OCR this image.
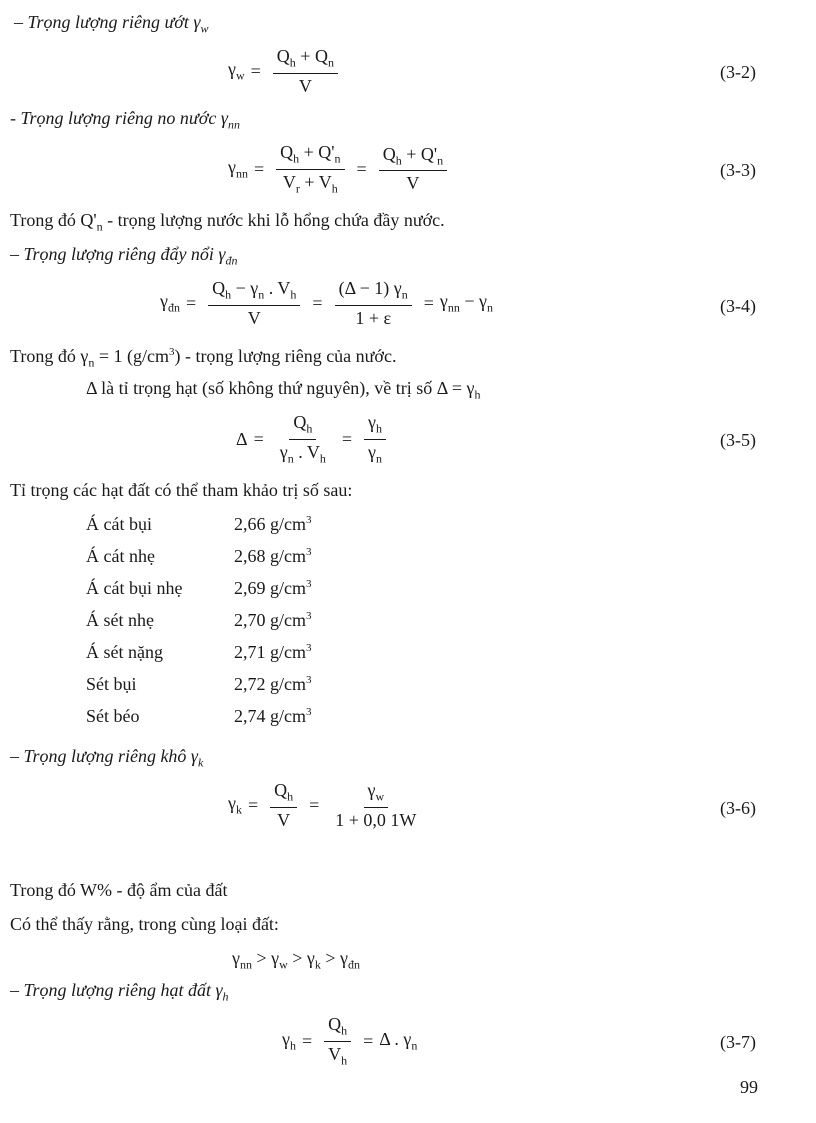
– Trọng lượng riêng ướt $\gamma_w$
$\gamma_w = \frac{Q_h + Q_n}{V}$	(3-2)
- Trọng lượng riêng no nước $\gamma_{nn}$
$\gamma_{nn} = \frac{Q_h + Q'_n}{V_r + V_h} = \frac{Q_h + Q'_n}{V}$	(3-3)
Trong đó $Q'_n$ - trọng lượng nước khi lỗ hổng chứa đầy nước.
– Trọng lượng riêng đẩy nổi $\gamma_{đn}$
$\gamma_{đn} = \frac{Q_h - \gamma_n . V_h}{V} = \frac{(\Delta - 1) \gamma_n}{1 + \varepsilon} = \gamma_{nn} - \gamma_n$	(3-4)
Trong đó $\gamma_n = 1$ $(g/cm^3)$ - trọng lượng riêng của nước.
Δ là tỉ trọng hạt (số không thứ nguyên), về trị số $\Delta = \gamma_h$
$\Delta = \frac{Q_h}{\gamma_n . V_h} = \frac{\gamma_h}{\gamma_n}$	(3-5)
Tỉ trọng các hạt đất có thể tham khảo trị số sau:
Á cát bụi	2,66 $g/cm^3$
Á cát nhẹ	2,68 $g/cm^3$
Á cát bụi nhẹ	2,69 $g/cm^3$
Á sét nhẹ	2,70 $g/cm^3$
Á sét nặng	2,71 $g/cm^3$
Sét bụi	2,72 $g/cm^3$
Sét béo	2,74 $g/cm^3$
– Trọng lượng riêng khô $\gamma_k$
$\gamma_k = \frac{Q_h}{V} = \frac{\gamma_w}{1 + 0,0 1W}$	(3-6)
Trong đó W% - độ ẩm của đất
Có thể thấy rằng, trong cùng loại đất:
$\gamma_{nn} > \gamma_w > \gamma_k > \gamma_{đn}$
– Trọng lượng riêng hạt đất $\gamma_h$
$\gamma_h = \frac{Q_h}{V_h} = \Delta$ . $\gamma_n$	(3-7)
99
